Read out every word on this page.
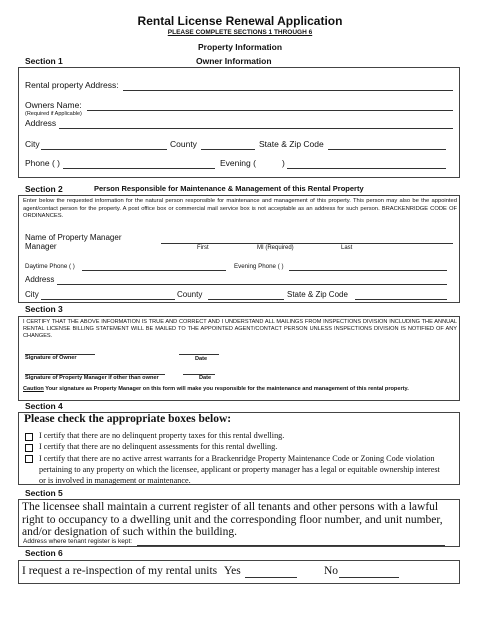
Rental License Renewal Application
PLEASE COMPLETE SECTIONS 1 THROUGH 6
Property Information
Owner Information
Section 1
Rental property Address:
Owners Name:
(Required if Applicable)
Address
City	County	State & Zip Code
Phone ( )	Evening (	)
Section 2	Person Responsible for Maintenance & Management of this Rental Property
Enter below the requested information for the natural person responsible for maintenance and management of this property. This person may also be the appointed agent/contact person for the property. A post office box or commercial mail service box is not acceptable as an address for such person. BRACKENRIDGE CODE OF ORDINANCES.
Name of Property Manager
Manager	First	MI (Required)	Last
Daytime Phone ( )	Evening Phone ( )
Address
City	County	State & Zip Code
Section 3
I CERTIFY THAT THE ABOVE INFORMATION IS TRUE AND CORRECT AND I UNDERSTAND ALL MAILINGS FROM INSPECTIONS DIVISION INCLUDING THE ANNUAL RENTAL LICENSE BILLING STATEMENT WILL BE MAILED TO THE APPOINTED AGENT/CONTACT PERSON UNLESS INSPECTIONS DIVISION IS NOTIFIED OF ANY CHANGES.
Signature of Owner	Date
Signature of Property Manager if other than owner	Date
Caution Your signature as Property Manager on this form will make you responsible for the maintenance and management of this rental property.
Section 4
Please check the appropriate boxes below:
I certify that there are no delinquent property taxes for this rental dwelling.
I certify that there are no delinquent assessments for this rental dwelling.
I certify that there are no active arrest warrants for a Brackenridge Property Maintenance Code or Zoning Code violation pertaining to any property on which the licensee, applicant or property manager has a legal or equitable ownership interest or is involved in management or maintenance.
Section 5
The licensee shall maintain a current register of all tenants and other persons with a lawful right to occupancy to a dwelling unit and the corresponding floor number, and unit number, and/or designation of such within the building.
Address where tenant register is kept:
Section 6
I request a re-inspection of my rental units Yes	No
